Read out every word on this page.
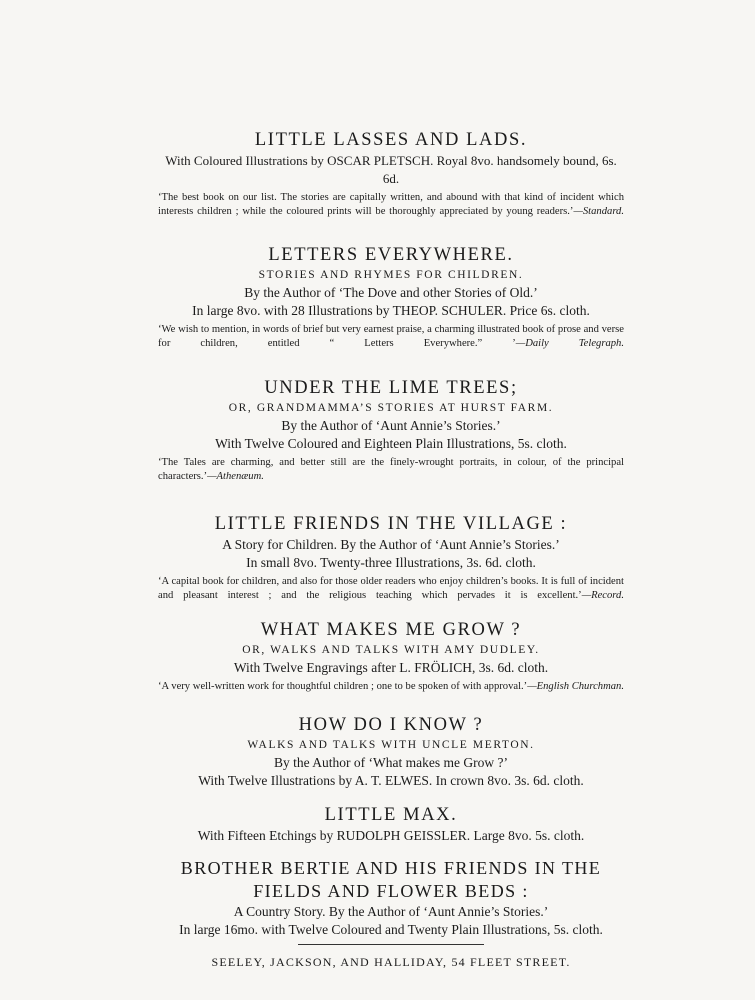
LITTLE LASSES AND LADS.
With Coloured Illustrations by OSCAR PLETSCH. Royal 8vo. handsomely bound, 6s. 6d.

‘The best book on our list. The stories are capitally written, and abound with that kind of incident which interests children ; while the coloured prints will be thoroughly appreciated by young readers.’—Standard.

LETTERS EVERYWHERE.
STORIES AND RHYMES FOR CHILDREN.
By the Author of ‘The Dove and other Stories of Old.’
In large 8vo. with 28 Illustrations by THEOP. SCHULER. Price 6s. cloth.

‘We wish to mention, in words of brief but very earnest praise, a charming illustrated book of prose and verse for children, entitled “ Letters Everywhere.” ’—Daily Telegraph.

UNDER THE LIME TREES;
OR, GRANDMAMMA’S STORIES AT HURST FARM.
By the Author of ‘Aunt Annie’s Stories.’
With Twelve Coloured and Eighteen Plain Illustrations, 5s. cloth.

‘The Tales are charming, and better still are the finely-wrought portraits, in colour, of the principal characters.’—Athenæum.

LITTLE FRIENDS IN THE VILLAGE :
A Story for Children. By the Author of ‘Aunt Annie’s Stories.’
In small 8vo. Twenty-three Illustrations, 3s. 6d. cloth.

‘A capital book for children, and also for those older readers who enjoy children’s books. It is full of incident and pleasant interest ; and the religious teaching which pervades it is excellent.’—Record.

WHAT MAKES ME GROW ?
OR, WALKS AND TALKS WITH AMY DUDLEY.
With Twelve Engravings after L. FRÖLICH, 3s. 6d. cloth.

‘A very well-written work for thoughtful children ; one to be spoken of with approval.’—English Churchman.

HOW DO I KNOW ?
WALKS AND TALKS WITH UNCLE MERTON.
By the Author of ‘What makes me Grow ?’
With Twelve Illustrations by A. T. ELWES. In crown 8vo. 3s. 6d. cloth.
LITTLE MAX.
With Fifteen Etchings by RUDOLPH GEISSLER. Large 8vo. 5s. cloth.
BROTHER BERTIE AND HIS FRIENDS IN THE FIELDS AND FLOWER BEDS :
A Country Story. By the Author of ‘Aunt Annie’s Stories.’
In large 16mo. with Twelve Coloured and Twenty Plain Illustrations, 5s. cloth.
SEELEY, JACKSON, AND HALLIDAY, 54 FLEET STREET.
